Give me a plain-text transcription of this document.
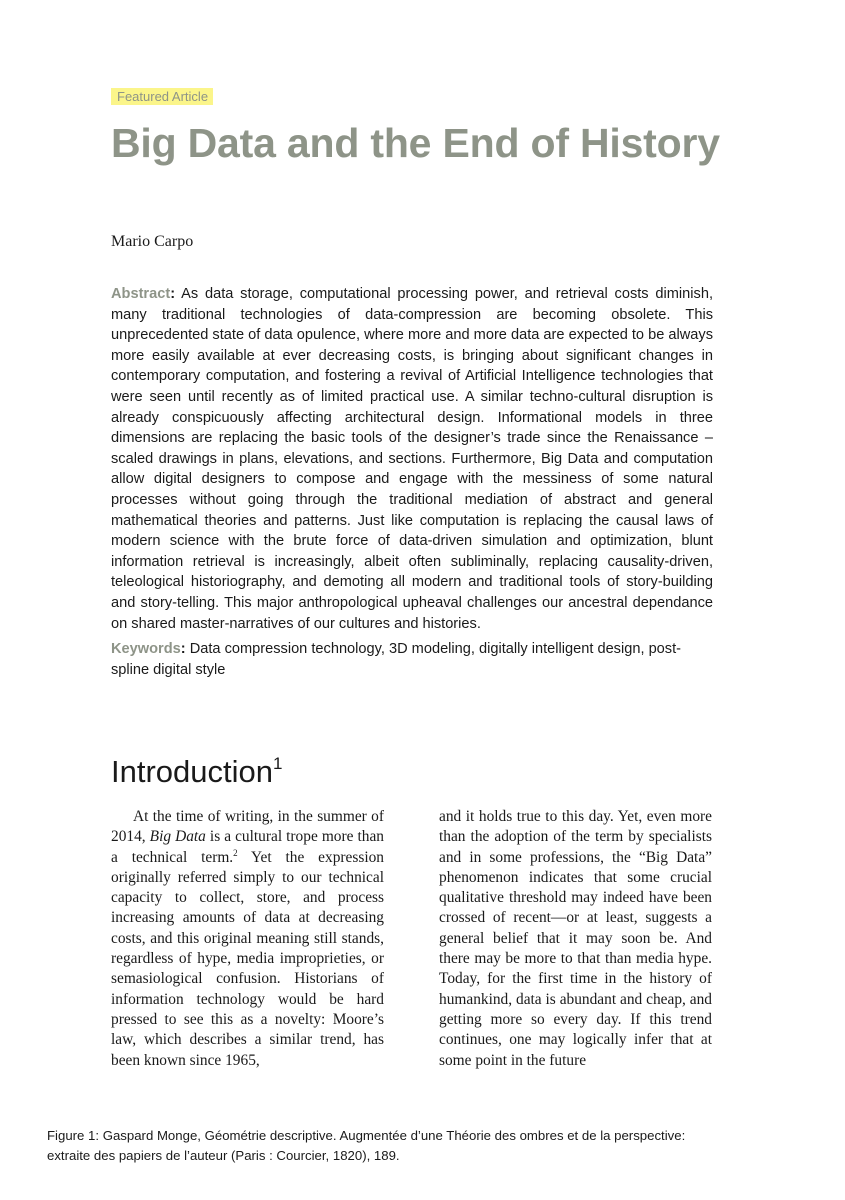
Featured Article
Big Data and the End of History
Mario Carpo

Abstract: As data storage, computational processing power, and retrieval costs diminish, many traditional technologies of data-compression are becoming obsolete. This unprecedented state of data opulence, where more and more data are expected to be always more easily available at ever decreasing costs, is bringing about significant changes in contemporary computation, and fostering a revival of Artificial Intelligence technologies that were seen until recently as of limited practical use. A similar techno-cultural disruption is already conspicuously affecting architectural design. Informational models in three dimensions are replacing the basic tools of the designer’s trade since the Renaissance – scaled drawings in plans, elevations, and sections. Furthermore, Big Data and computation allow digital designers to compose and engage with the messiness of some natural processes without going through the traditional mediation of abstract and general mathematical theories and patterns. Just like computation is replacing the causal laws of modern science with the brute force of data-driven simulation and optimization, blunt information retrieval is increasingly, albeit often subliminally, replacing causality-driven, teleological historiography, and demoting all modern and traditional tools of story-building and story-telling. This major anthropological upheaval challenges our ancestral dependance on shared master-narratives of our cultures and histories.

Keywords: Data compression technology, 3D modeling, digitally intelligent design, post-spline digital style

Introduction$^1$

At the time of writing, in the summer of 2014, Big Data is a cultural trope more than a technical term.$^2$ Yet the expression originally referred simply to our technical capacity to collect, store, and process increasing amounts of data at decreasing costs, and this original meaning still stands, regardless of hype, media improprieties, or semasiological confusion. Historians of information technology would be hard pressed to see this as a novelty: Moore’s law, which describes a similar trend, has been known since 1965,

and it holds true to this day. Yet, even more than the adoption of the term by specialists and in some professions, the “Big Data” phenomenon indicates that some crucial qualitative threshold may indeed have been crossed of recent—or at least, suggests a general belief that it may soon be. And there may be more to that than media hype. Today, for the first time in the history of humankind, data is abundant and cheap, and getting more so every day. If this trend continues, one may logically infer that at some point in the future

Figure 1: Gaspard Monge, Géométrie descriptive. Augmentée d’une Théorie des ombres et de la perspective: extraite des papiers de l’auteur (Paris : Courcier, 1820), 189.
